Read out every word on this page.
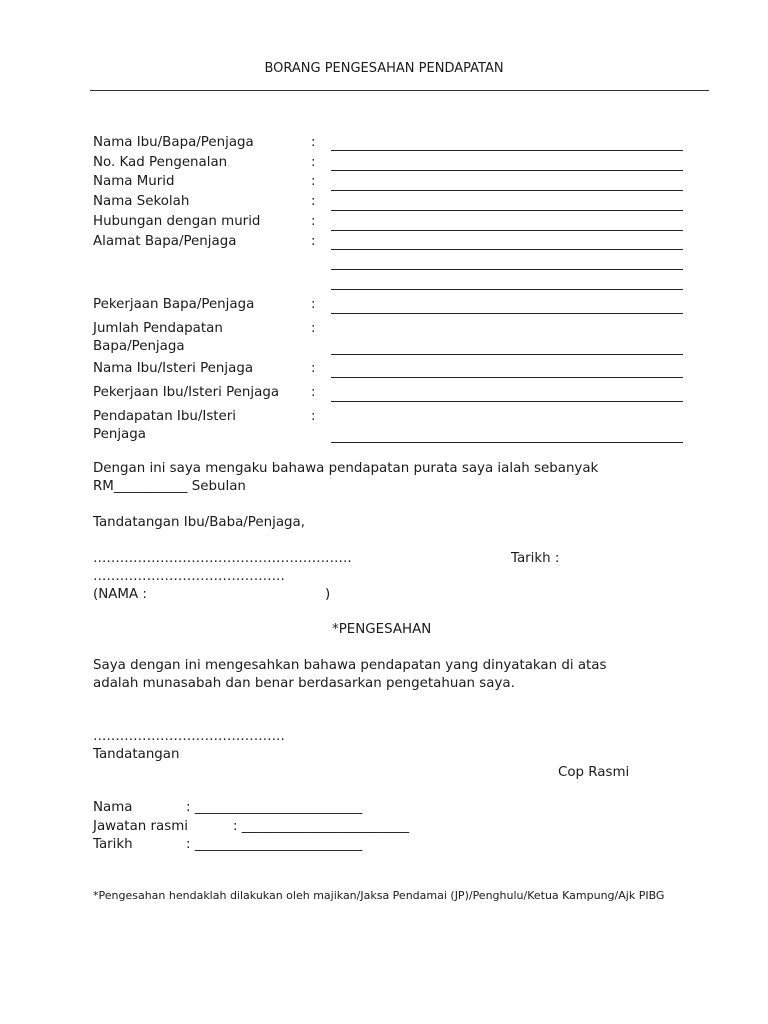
BORANG PENGESAHAN PENDAPATAN
Nama Ibu/Bapa/Penjaga	:
No. Kad Pengenalan	:
Nama Murid	:
Nama Sekolah	:
Hubungan dengan murid	:
Alamat Bapa/Penjaga	:
Pekerjaan Bapa/Penjaga	:
Jumlah Pendapatan
Bapa/Penjaga
:
Nama Ibu/Isteri Penjaga	:
Pekerjaan Ibu/Isteri Penjaga :
Pendapatan Ibu/Isteri
Penjaga
:
Dengan ini saya mengaku bahawa pendapatan purata saya ialah sebanyak
RM___________ Sebulan
Tandatangan Ibu/Baba/Penjaga,
………………………………………………….	Tarikh :
…………………………………….
(NAMA :	)
*PENGESAHAN
Saya dengan ini mengesahkan bahawa pendapatan yang dinyatakan di atas
adalah munasabah dan benar berdasarkan pengetahuan saya.
…………………………………….
Tandatangan
Cop Rasmi
Nama	: _________________________
Jawatan rasmi	: _________________________
Tarikh	: _________________________
*Pengesahan hendaklah dilakukan oleh majikan/Jaksa Pendamai (JP)/Penghulu/Ketua Kampung/Ajk PIBG
